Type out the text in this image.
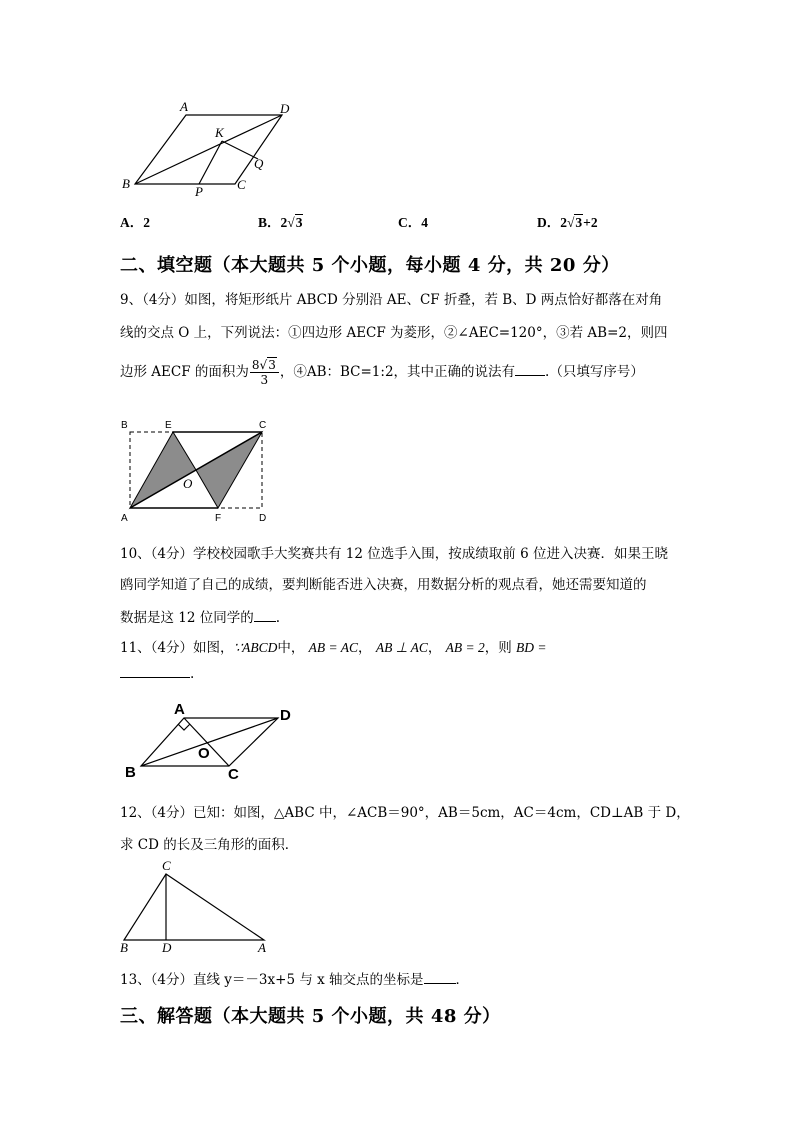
A	D
K
Q
B
P	C
A．2	B．2√3	C．4	D．2√3+2
二、填空题（本大题共 5 个小题，每小题 4 分，共 20 分）
9、（4分）如图，将矩形纸片 ABCD 分别沿 AE、CF 折叠，若 B、D 两点恰好都落在对角
线的交点 O 上，下列说法：①四边形 AECF 为菱形，②∠AEC=120°，③若 AB=2，则四
边形 AECF 的面积为 $\frac{8√3}{3}$ ，④AB：BC=1:2，其中正确的说法有 .（只填写序号）
B	E	C
O
A	F	D
10、（4分）学校校园歌手大奖赛共有 12 位选手入围，按成绩取前 6 位进入决赛．如果王晓
鸥同学知道了自己的成绩，要判断能否进入决赛，用数据分析的观点看，她还需要知道的
数据是这 12 位同学的 .
11、（4分）如图，∵ABCD中， AB = AC， AB ⊥ AC， AB = 2，则 BD =
.
A	D
O
B	C
12、（4分）已知：如图，△ABC 中，∠ACB＝90°，AB＝5cm，AC＝4cm，CD⊥AB 于 D，
求 CD 的长及三角形的面积．
C
B	D	A
13、（4分）直线 y＝－3x+5 与 x 轴交点的坐标是 ．
三、解答题（本大题共 5 个小题，共 48 分）
